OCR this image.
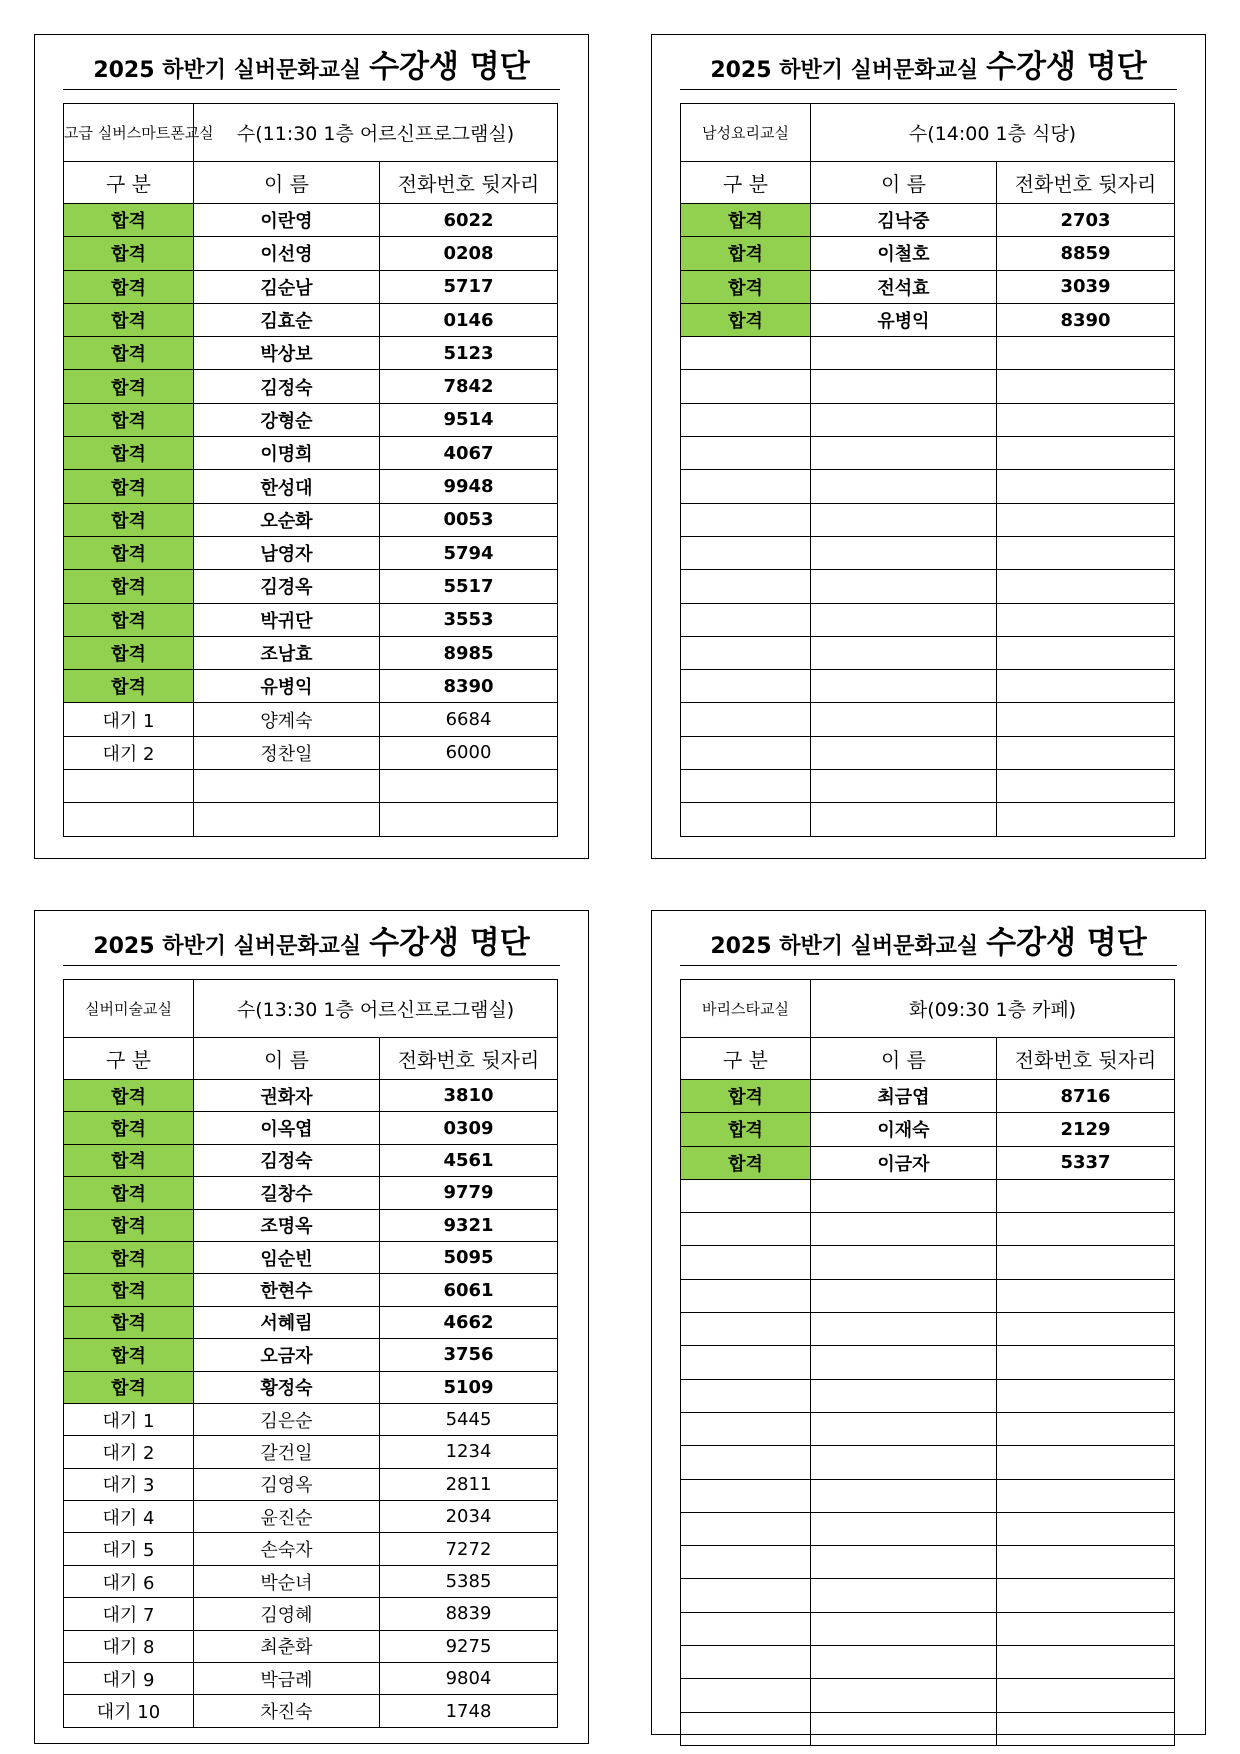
2025 하반기 실버문화교실 수강생 명단
고급 실버스마트폰교실	수(11:30 1층 어르신프로그램실)	
구 분	이 름	전화번호 뒷자리
합격	이란영	6022
합격	이선영	0208
합격	김순남	5717
합격	김효순	0146
합격	박상보	5123
합격	김정숙	7842
합격	강형순	9514
합격	이명희	4067
합격	한성대	9948
합격	오순화	0053
합격	남영자	5794
합격	김경옥	5517
합격	박귀단	3553
합격	조남효	8985
합격	유병익	8390
대기 1	양계숙	6684
대기 2	정찬일	6000

2025 하반기 실버문화교실 수강생 명단
남성요리교실	수(14:00 1층 식당)	
구 분	이 름	전화번호 뒷자리
합격	김낙중	2703
합격	이철호	8859
합격	전석효	3039
합격	유병익	8390

2025 하반기 실버문화교실 수강생 명단
실버미술교실	수(13:30 1층 어르신프로그램실)	
구 분	이 름	전화번호 뒷자리
합격	권화자	3810
합격	이옥엽	0309
합격	김정숙	4561
합격	길창수	9779
합격	조명옥	9321
합격	임순빈	5095
합격	한현수	6061
합격	서혜림	4662
합격	오금자	3756
합격	황정숙	5109
대기 1	김은순	5445
대기 2	갈건일	1234
대기 3	김영옥	2811
대기 4	윤진순	2034
대기 5	손숙자	7272
대기 6	박순녀	5385
대기 7	김영혜	8839
대기 8	최춘화	9275
대기 9	박금례	9804
대기 10	차진숙	1748
2025 하반기 실버문화교실 수강생 명단
바리스타교실	화(09:30 1층 카페)	
구 분	이 름	전화번호 뒷자리
합격	최금엽	8716
합격	이재숙	2129
합격	이금자	5337
